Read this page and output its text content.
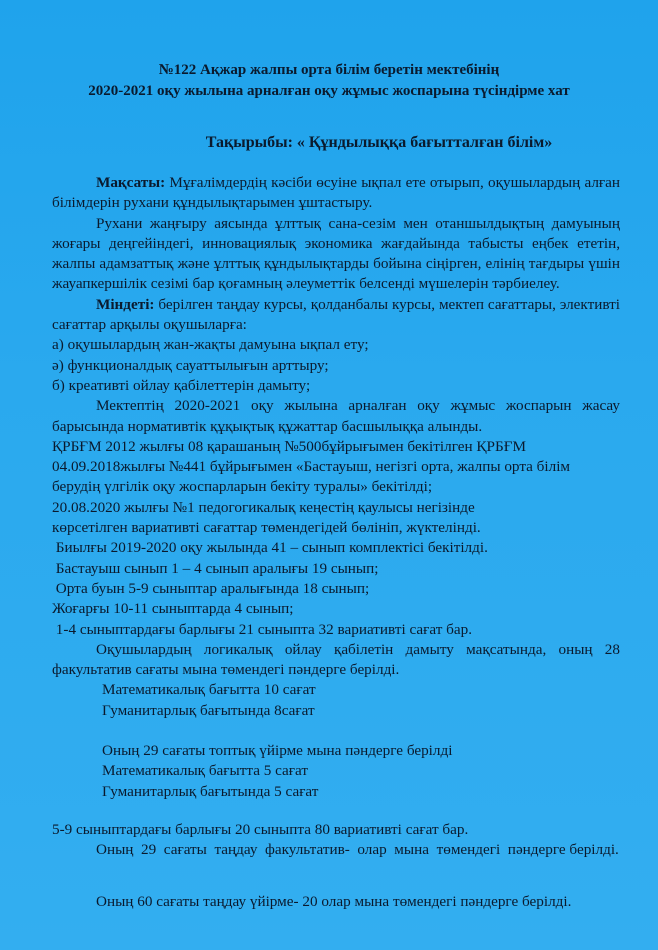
№122 Ақжар жалпы орта білім беретін мектебінің
2020-2021 оқу жылына арналған оқу жұмыс жоспарына түсіндірме хат
Тақырыбы: « Құндылыққа бағытталған білім»

Мақсаты: Мұғалімдердің кәсіби өсуіне ықпал ете отырып, оқушылардың алған білімдерін рухани құндылықтарымен ұштастыру.

Рухани жаңғыру аясында ұлттық сана-сезім мен отаншылдықтың дамуының жоғары деңгейіндегі, инновациялық экономика жағдайында табысты еңбек ететін, жалпы адамзаттық және ұлттық құндылықтарды бойына сіңірген, елінің тағдыры үшін жауапкершілік сезімі бар қоғамның әлеуметтік белсенді мүшелерін тәрбиелеу.

Міндеті: берілген таңдау курсы, қолданбалы курсы, мектеп сағаттары, элективті сағаттар арқылы оқушыларға:

а) оқушылардың жан-жақты дамуына ықпал ету;

ә) функционалдық сауаттылығын арттыру;

б) креативті ойлау қабілеттерін дамыту;

Мектептің 2020-2021 оқу жылына арналған оқу жұмыс жоспарын жасау барысында нормативтік құқықтық құжаттар басшылыққа алынды.

ҚРБҒМ 2012 жылғы 08 қарашаның №500бұйрығымен бекітілген ҚРБҒМ

04.09.2018жылғы №441 бұйрығымен «Бастауыш, негізгі орта, жалпы орта білім

берудің үлгілік оқу жоспарларын бекіту туралы» бекітілді;

20.08.2020 жылғы №1 педогогикалық кеңестің қаулысы негізінде

көрсетілген вариативті сағаттар төмендегідей бөлініп, жүктелінді.

Биылғы 2019-2020 оқу жылында 41 – сынып комплектісі бекітілді.

Бастауыш сынып 1 – 4 сынып аралығы 19 сынып;

Орта буын 5-9 сыныптар аралығында 18 сынып;

Жоғарғы 10-11 сыныптарда 4 сынып;

1-4 сыныптардағы барлығы 21 сыныпта 32 вариативті сағат бар.

Оқушылардың логикалық ойлау қабілетін дамыту мақсатында, оның 28 факультатив сағаты мына төмендегі пәндерге берілді.

Математикалық бағытта 10 сағат

Гуманитарлық бағытында 8сағат

Оның 29 сағаты топтық үйірме мына пәндерге берілді

Математикалық бағытта 5 сағат

Гуманитарлық бағытында 5 сағат

5-9 сыныптардағы барлығы 20 сыныпта 80 вариативті сағат бар.

Оның  29  сағаты  таңдау  факультатив-  олар  мына  төмендегі  пәндерге берілді.

Оның 60 сағаты таңдау үйірме- 20 олар мына төмендегі пәндерге берілді.
